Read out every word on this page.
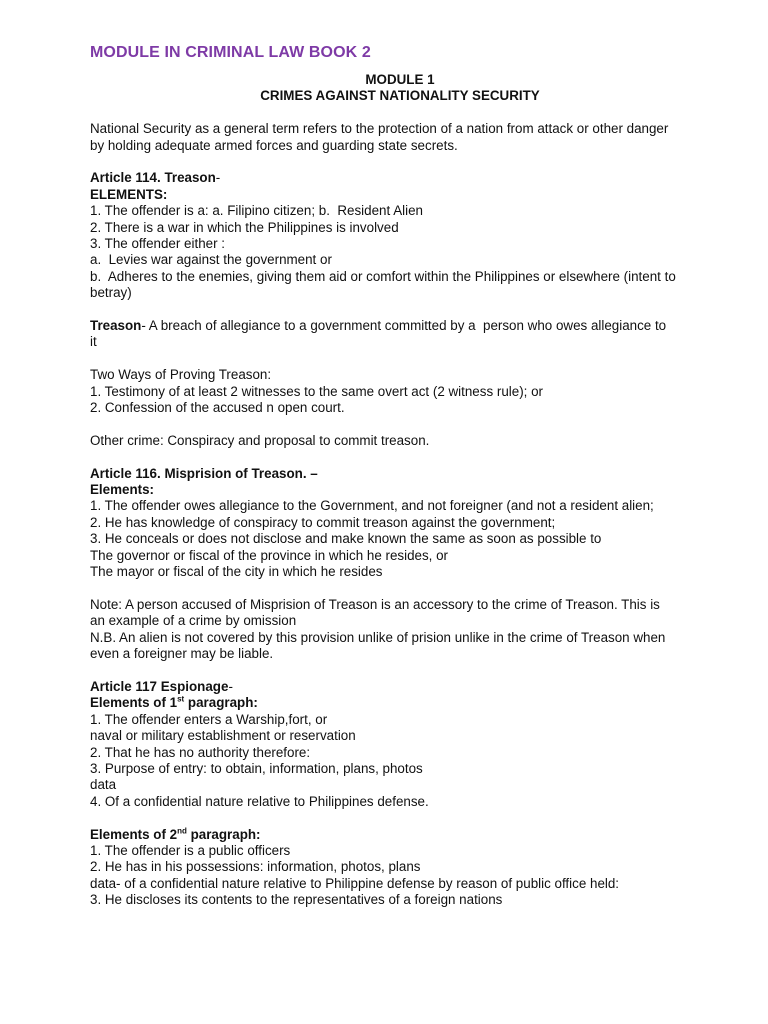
MODULE IN CRIMINAL LAW BOOK 2
MODULE 1
CRIMES AGAINST NATIONALITY SECURITY
National Security as a general term refers to the protection of a nation from attack or other danger
by holding adequate armed forces and guarding state secrets.
Article 114. Treason-
ELEMENTS:
1. The offender is a: a. Filipino citizen; b.  Resident Alien
2. There is a war in which the Philippines is involved
3. The offender either :
a.  Levies war against the government or
b.  Adheres to the enemies, giving them aid or comfort within the Philippines or elsewhere (intent to
betray)
Treason- A breach of allegiance to a government committed by a  person who owes allegiance to
it
Two Ways of Proving Treason:
1. Testimony of at least 2 witnesses to the same overt act (2 witness rule); or
2. Confession of the accused n open court.
Other crime: Conspiracy and proposal to commit treason.
Article 116. Misprision of Treason. –
Elements:
1. The offender owes allegiance to the Government, and not foreigner (and not a resident alien;
2. He has knowledge of conspiracy to commit treason against the government;
3. He conceals or does not disclose and make known the same as soon as possible to
The governor or fiscal of the province in which he resides, or
The mayor or fiscal of the city in which he resides
Note: A person accused of Misprision of Treason is an accessory to the crime of Treason. This is
an example of a crime by omission
N.B. An alien is not covered by this provision unlike of prision unlike in the crime of Treason when
even a foreigner may be liable.
Article 117 Espionage-
Elements of 1st paragraph:
1. The offender enters a Warship,fort, or
naval or military establishment or reservation
2. That he has no authority therefore:
3. Purpose of entry: to obtain, information, plans, photos
data
4. Of a confidential nature relative to Philippines defense.
Elements of 2nd paragraph:
1. The offender is a public officers
2. He has in his possessions: information, photos, plans
data- of a confidential nature relative to Philippine defense by reason of public office held:
3. He discloses its contents to the representatives of a foreign nations
